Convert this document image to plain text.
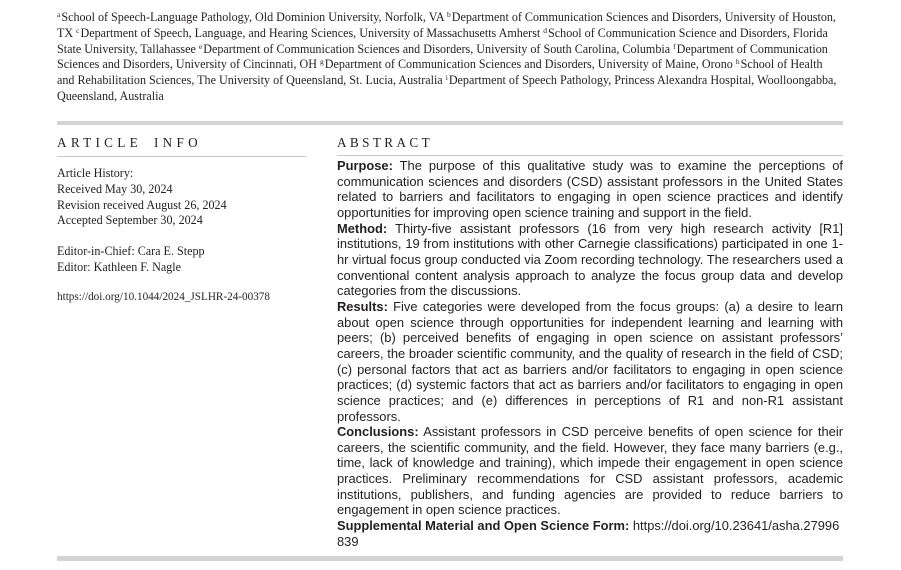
$^a$School of Speech-Language Pathology, Old Dominion University, Norfolk, VA $^b$Department of Communication Sciences and Disorders, University of Houston, TX $^c$Department of Speech, Language, and Hearing Sciences, University of Massachusetts Amherst $^d$School of Communication Science and Disorders, Florida State University, Tallahassee $^e$Department of Communication Sciences and Disorders, University of South Carolina, Columbia $^f$Department of Communication Sciences and Disorders, University of Cincinnati, OH $^g$Department of Communication Sciences and Disorders, University of Maine, Orono $^h$School of Health and Rehabilitation Sciences, The University of Queensland, St. Lucia, Australia $^i$Department of Speech Pathology, Princess Alexandra Hospital, Woolloongabba, Queensland, Australia
ARTICLE INFO
Article History:
Received May 30, 2024
Revision received August 26, 2024
Accepted September 30, 2024
Editor-in-Chief: Cara E. Stepp
Editor: Kathleen F. Nagle
https://doi.org/10.1044/2024_JSLHR-24-00378
ABSTRACT

Purpose: The purpose of this qualitative study was to examine the perceptions of communication sciences and disorders (CSD) assistant professors in the United States related to barriers and facilitators to engaging in open science practices and identify opportunities for improving open science training and support in the field.

Method: Thirty-five assistant professors (16 from very high research activity [R1] institutions, 19 from institutions with other Carnegie classifications) participated in one 1-hr virtual focus group conducted via Zoom recording technology. The researchers used a conventional content analysis approach to analyze the focus group data and develop categories from the discussions.

Results: Five categories were developed from the focus groups: (a) a desire to learn about open science through opportunities for independent learning and learning with peers; (b) perceived benefits of engaging in open science on assistant professors’ careers, the broader scientific community, and the quality of research in the field of CSD; (c) personal factors that act as barriers and/or facilitators to engaging in open science practices; (d) systemic factors that act as barriers and/or facilitators to engaging in open science practices; and (e) differences in perceptions of R1 and non-R1 assistant professors.

Conclusions: Assistant professors in CSD perceive benefits of open science for their careers, the scientific community, and the field. However, they face many barriers (e.g., time, lack of knowledge and training), which impede their engagement in open science practices. Preliminary recommendations for CSD assistant professors, academic institutions, publishers, and funding agencies are provided to reduce barriers to engagement in open science practices.

Supplemental Material and Open Science Form: https://doi.org/10.23641/asha.27996839
